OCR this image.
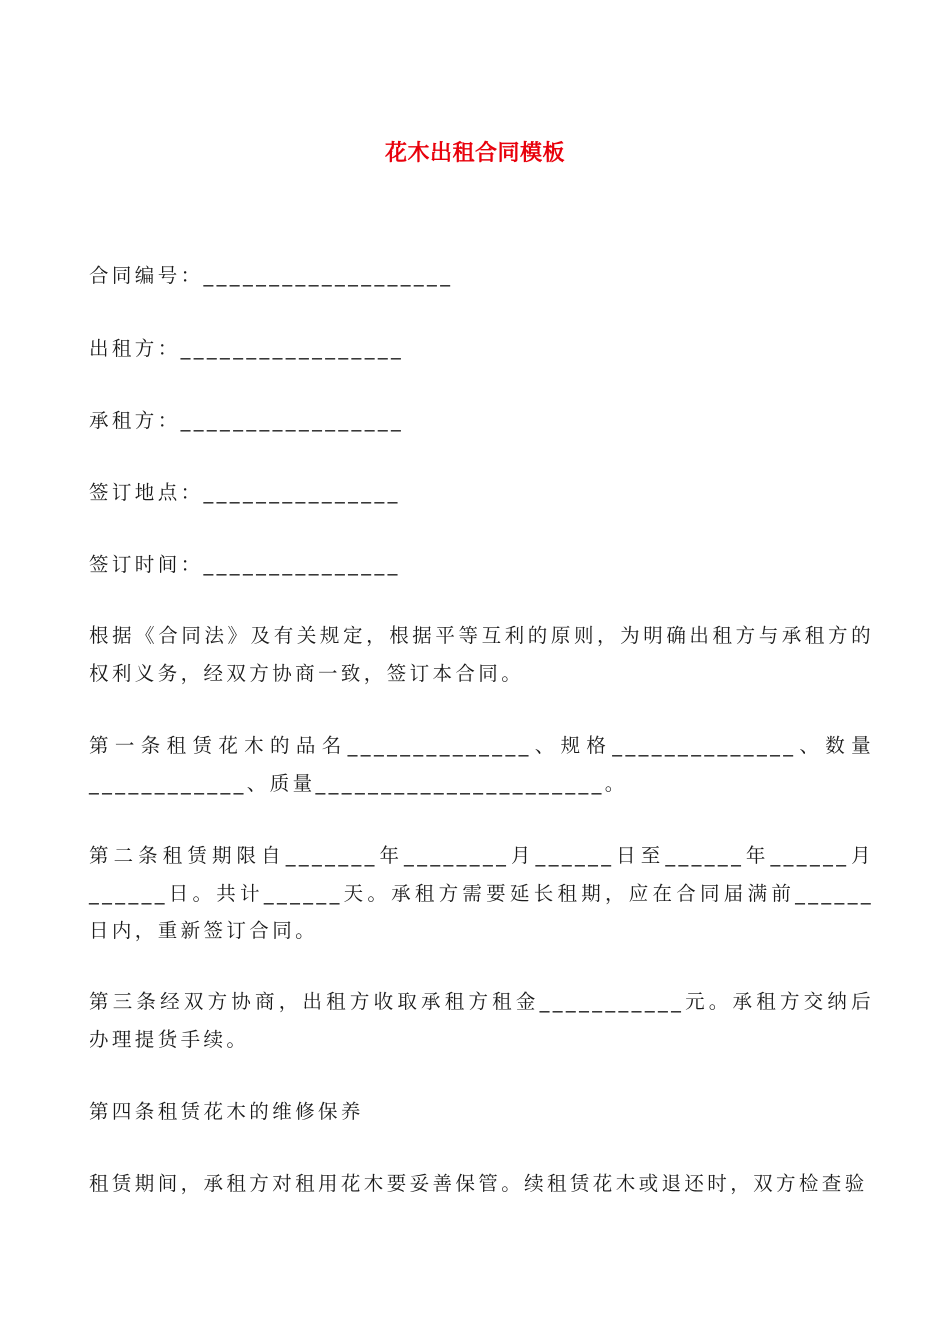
花木出租合同模板
合同编号：___________________
出租方：_________________
承租方：_________________
签订地点：_______________
签订时间：_______________
根据《合同法》及有关规定，根据平等互利的原则，为明确出租方与承租方的权利义务，经双方协商一致，签订本合同。
第一条租赁花木的品名______________、规格______________、数量____________、质量______________________。
第二条租赁期限自_______年________月______日至______年______月______日。共计______天。承租方需要延长租期，应在合同届满前______日内，重新签订合同。
第三条经双方协商，出租方收取承租方租金___________元。承租方交纳后办理提货手续。
第四条租赁花木的维修保养
租赁期间，承租方对租用花木要妥善保管。续租赁花木或退还时，双方检查验
